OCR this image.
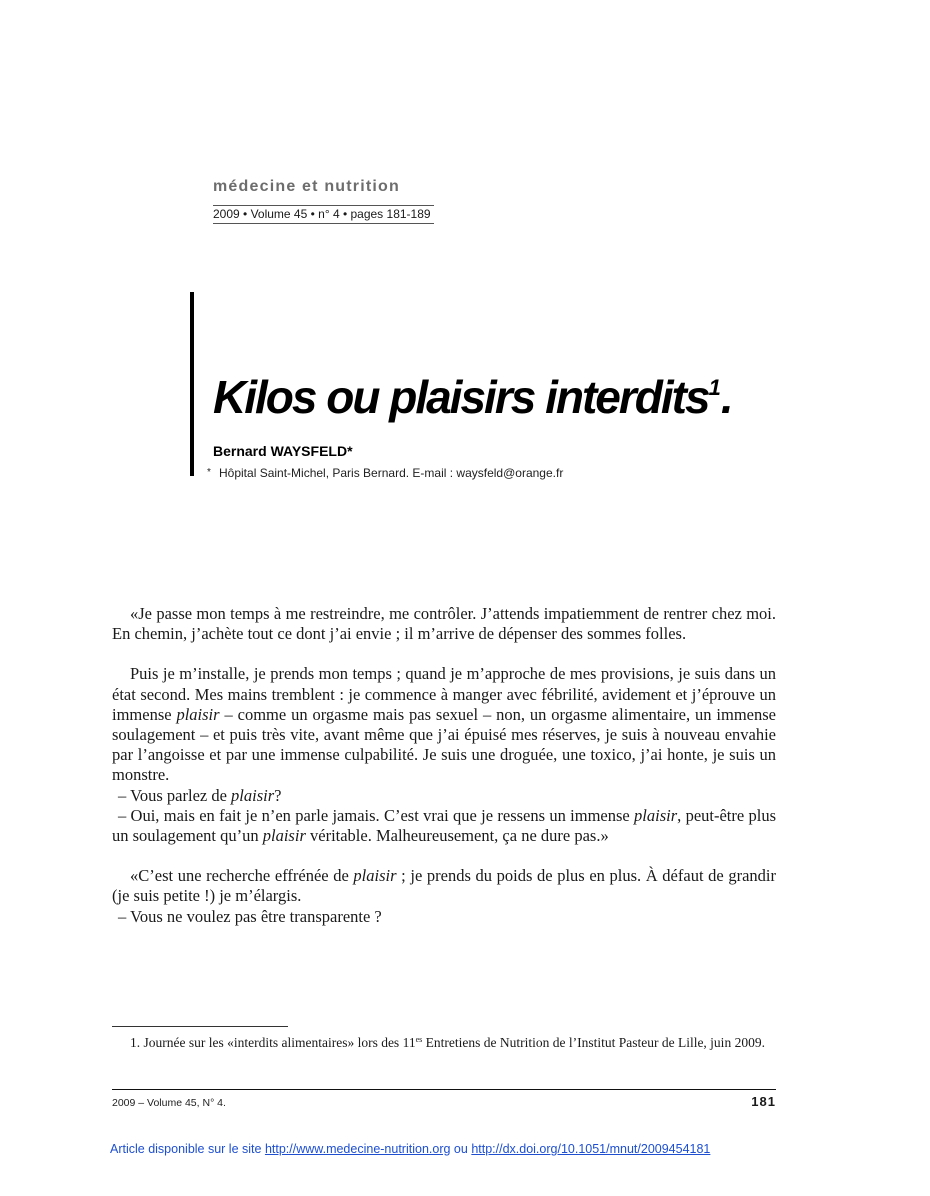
médecine et nutrition
2009 • Volume 45 • n° 4 • pages 181-189
Kilos ou plaisirs interdits$^1$.
Bernard WAYSFELD*
* Hôpital Saint-Michel, Paris Bernard. E-mail : waysfeld@orange.fr

«Je passe mon temps à me restreindre, me contrôler. J’attends impatiemment de rentrer chez moi. En chemin, j’achète tout ce dont j’ai envie ; il m’arrive de dépenser des sommes folles.

Puis je m’installe, je prends mon temps ; quand je m’approche de mes provisions, je suis dans un état second. Mes mains tremblent : je commence à manger avec fébrilité, avidement et j’éprouve un immense plaisir – comme un orgasme mais pas sexuel – non, un orgasme alimentaire, un immense soulagement – et puis très vite, avant même que j’ai épuisé mes réserves, je suis à nouveau envahie par l’angoisse et par une immense culpabilité. Je suis une droguée, une toxico, j’ai honte, je suis un monstre.

– Vous parlez de plaisir?

– Oui, mais en fait je n’en parle jamais. C’est vrai que je ressens un immense plaisir, peut-être plus un soulagement qu’un plaisir véritable. Malheureusement, ça ne dure pas.»

«C’est une recherche effrénée de plaisir ; je prends du poids de plus en plus. À défaut de grandir (je suis petite !) je m’élargis.

– Vous ne voulez pas être transparente ?

1. Journée sur les «interdits alimentaires» lors des $11^{es}$ Entretiens de Nutrition de l’Institut Pasteur de Lille, juin 2009.
2009 – Volume 45, N° 4.	181
Article disponible sur le site http://www.medecine-nutrition.org ou http://dx.doi.org/10.1051/mnut/2009454181
